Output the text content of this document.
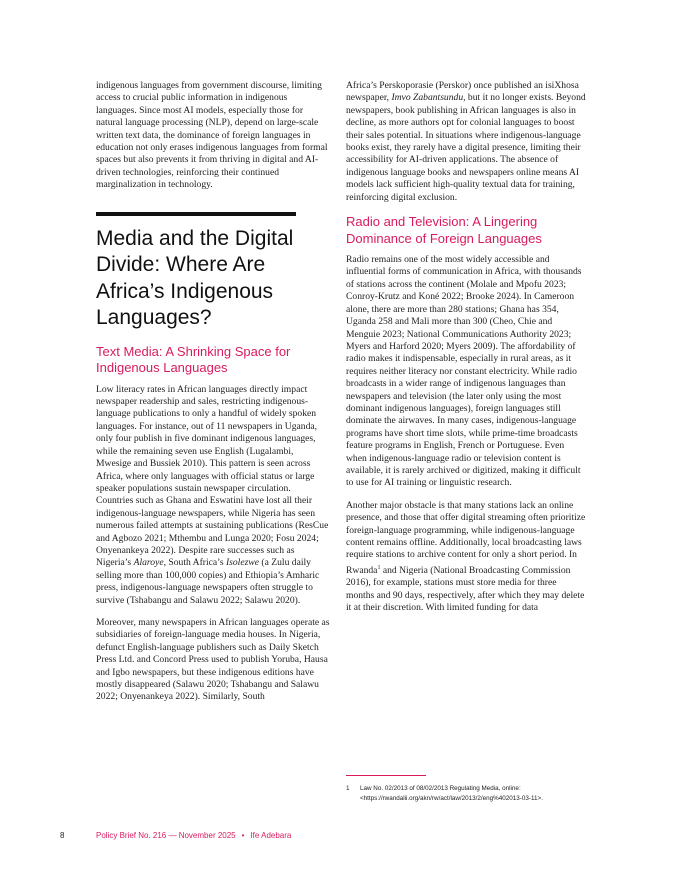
indigenous languages from government discourse, limiting access to crucial public information in indigenous languages. Since most AI models, especially those for natural language processing (NLP), depend on large-scale written text data, the dominance of foreign languages in education not only erases indigenous languages from formal spaces but also prevents it from thriving in digital and AI-driven technologies, reinforcing their continued marginalization in technology.

Media and the Digital Divide: Where Are Africa’s Indigenous Languages?
Text Media: A Shrinking Space for Indigenous Languages

Low literacy rates in African languages directly impact newspaper readership and sales, restricting indigenous-language publications to only a handful of widely spoken languages. For instance, out of 11 newspapers in Uganda, only four publish in five dominant indigenous languages, while the remaining seven use English (Lugalambi, Mwesige and Bussiek 2010). This pattern is seen across Africa, where only languages with official status or large speaker populations sustain newspaper circulation. Countries such as Ghana and Eswatini have lost all their indigenous-language newspapers, while Nigeria has seen numerous failed attempts at sustaining publications (ResCue and Agbozo 2021; Mthembu and Lunga 2020; Fosu 2024; Onyenankeya 2022). Despite rare successes such as Nigeria’s Alaroye, South Africa’s Isolezwe (a Zulu daily selling more than 100,000 copies) and Ethiopia’s Amharic press, indigenous-language newspapers often struggle to survive (Tshabangu and Salawu 2022; Salawu 2020).

Moreover, many newspapers in African languages operate as subsidiaries of foreign-language media houses. In Nigeria, defunct English-language publishers such as Daily Sketch Press Ltd. and Concord Press used to publish Yoruba, Hausa and Igbo newspapers, but these indigenous editions have mostly disappeared (Salawu 2020; Tshabangu and Salawu 2022; Onyenankeya 2022). Similarly, South

Africa’s Perskoporasie (Perskor) once published an isiXhosa newspaper, Imvo Zabantsundu, but it no longer exists. Beyond newspapers, book publishing in African languages is also in decline, as more authors opt for colonial languages to boost their sales potential. In situations where indigenous-language books exist, they rarely have a digital presence, limiting their accessibility for AI-driven applications. The absence of indigenous language books and newspapers online means AI models lack sufficient high-quality textual data for training, reinforcing digital exclusion.

Radio and Television: A Lingering Dominance of Foreign Languages

Radio remains one of the most widely accessible and influential forms of communication in Africa, with thousands of stations across the continent (Molale and Mpofu 2023; Conroy-Krutz and Koné 2022; Brooke 2024). In Cameroon alone, there are more than 280 stations; Ghana has 354, Uganda 258 and Mali more than 300 (Cheo, Chie and Menguie 2023; National Communications Authority 2023; Myers and Harford 2020; Myers 2009). The affordability of radio makes it indispensable, especially in rural areas, as it requires neither literacy nor constant electricity. While radio broadcasts in a wider range of indigenous languages than newspapers and television (the later only using the most dominant indigenous languages), foreign languages still dominate the airwaves. In many cases, indigenous-language programs have short time slots, while prime-time broadcasts feature programs in English, French or Portuguese. Even when indigenous-language radio or television content is available, it is rarely archived or digitized, making it difficult to use for AI training or linguistic research.

Another major obstacle is that many stations lack an online presence, and those that offer digital streaming often prioritize foreign-language programming, while indigenous-language content remains offline. Additionally, local broadcasting laws require stations to archive content for only a short period. In Rwanda$^1$ and Nigeria (National Broadcasting Commission 2016), for example, stations must store media for three months and 90 days, respectively, after which they may delete it at their discretion. With limited funding for data

1 Law No. 02/2013 of 08/02/2013 Regulating Media, online: <https://rwandalii.org/akn/rw/act/law/2013/2/eng%402013-03-11>.
8	Policy Brief No. 216 — November 2025 • Ife Adebara
